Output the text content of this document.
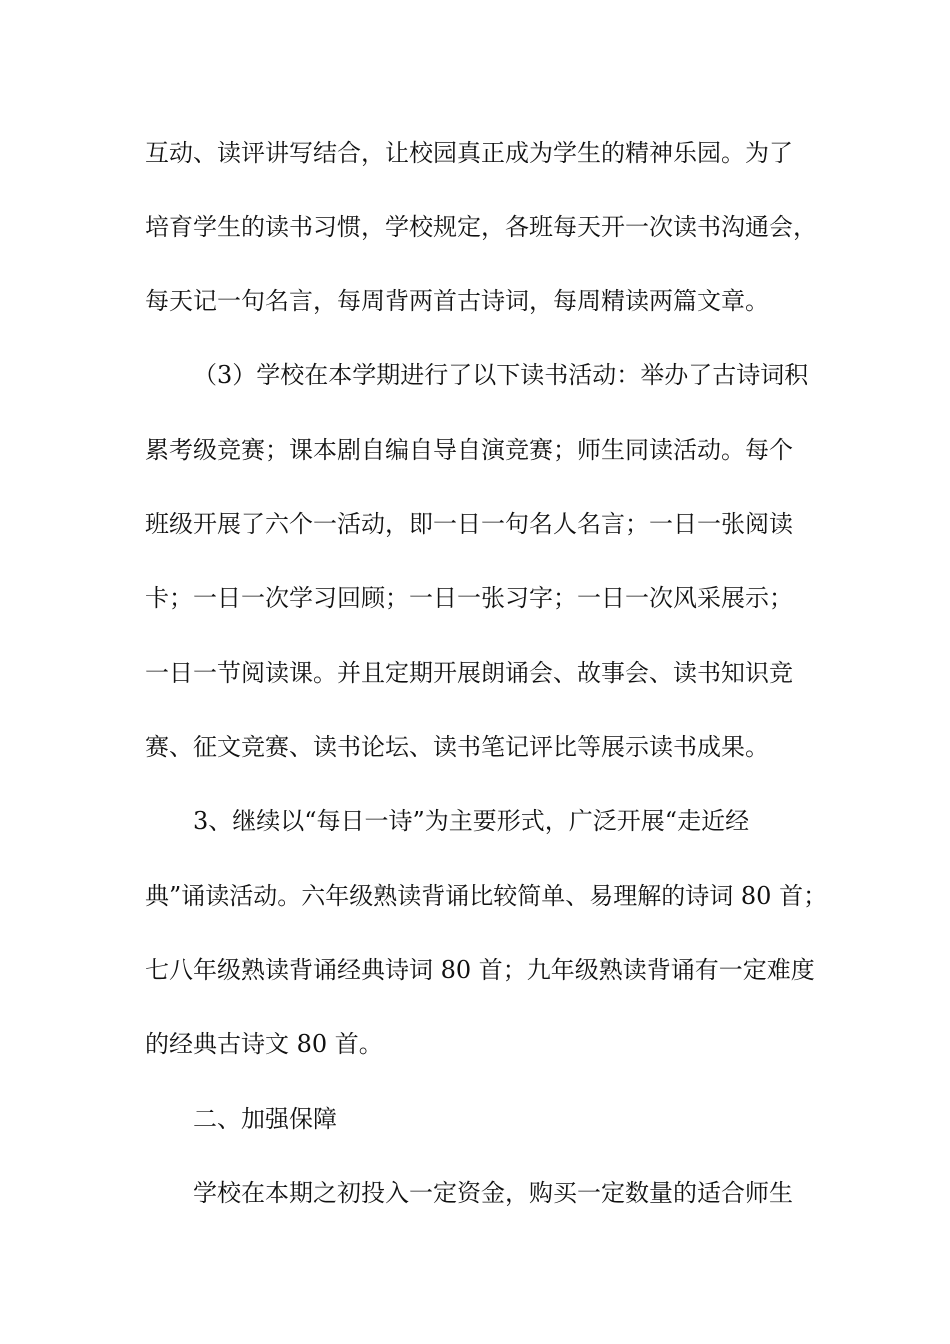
互动、读评讲写结合，让校园真正成为学生的精神乐园。为了
培育学生的读书习惯，学校规定，各班每天开一次读书沟通会，
每天记一句名言，每周背两首古诗词，每周精读两篇文章。
（3）学校在本学期进行了以下读书活动：举办了古诗词积
累考级竞赛；课本剧自编自导自演竞赛；师生同读活动。每个
班级开展了六个一活动，即一日一句名人名言；一日一张阅读
卡；一日一次学习回顾；一日一张习字；一日一次风采展示；
一日一节阅读课。并且定期开展朗诵会、故事会、读书知识竞
赛、征文竞赛、读书论坛、读书笔记评比等展示读书成果。
3、继续以“每日一诗”为主要形式，广泛开展“走近经
典”诵读活动。六年级熟读背诵比较简单、易理解的诗词 80 首；
七八年级熟读背诵经典诗词 80 首；九年级熟读背诵有一定难度
的经典古诗文 80 首。
二、加强保障
学校在本期之初投入一定资金，购买一定数量的适合师生
